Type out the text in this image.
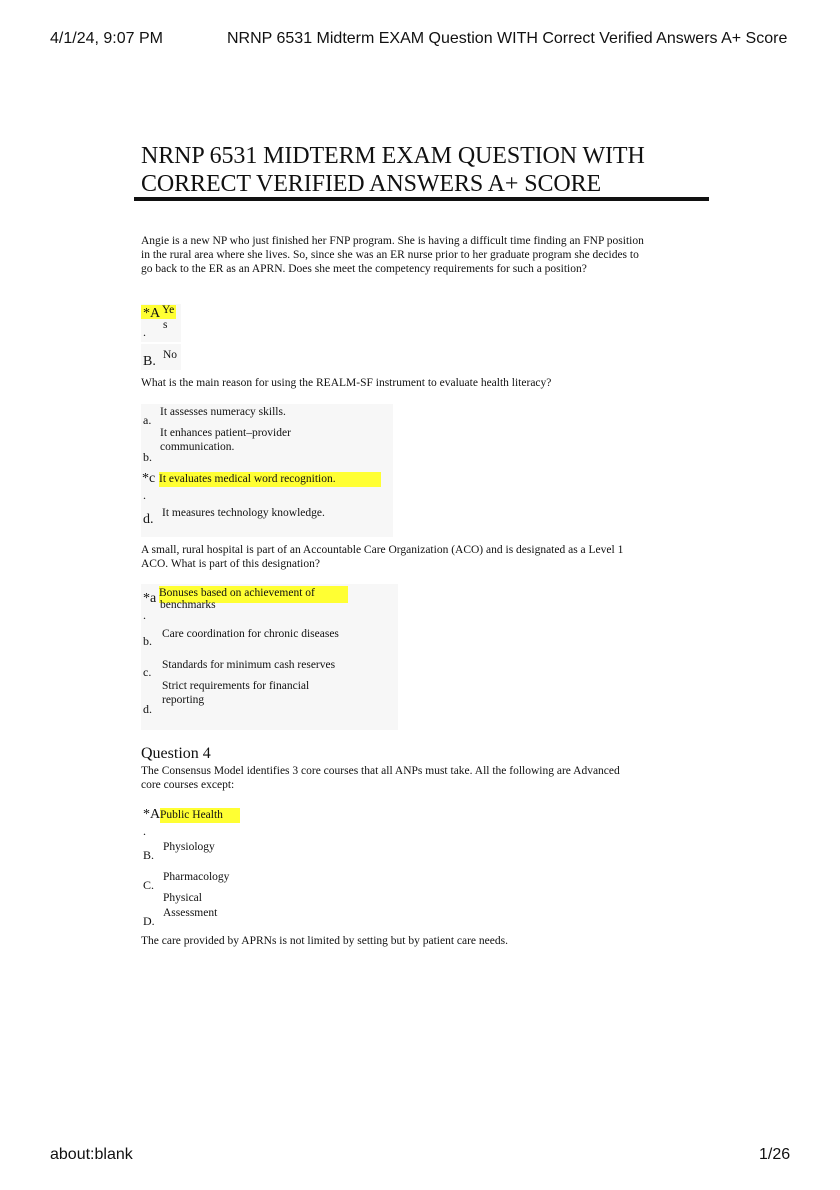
4/1/24, 9:07 PM	NRNP 6531 Midterm EXAM Question WITH Correct Verified Answers A+ Score
NRNP 6531 MIDTERM EXAM QUESTION WITH
CORRECT VERIFIED ANSWERS A+ SCORE

Angie is a new NP who just finished her FNP program. She is having a difficult time finding an FNP position in the rural area where she lives. So, since she was an ER nurse prior to her graduate program she decides to go back to the ER as an APRN. Does she meet the competency requirements for such a position?

*A
.
Ye
s
B. No

What is the main reason for using the REALM-SF instrument to evaluate health literacy?

a.
It assesses numeracy skills.
It enhances patient–provider
communication.
b.
*c
.
It evaluates medical word recognition.
d. It measures technology knowledge.

A small, rural hospital is part of an Accountable Care Organization (ACO) and is designated as a Level 1 ACO. What is part of this designation?

*a
.
Bonuses based on achievement of
benchmarks
b. Care coordination for chronic diseases
c. Standards for minimum cash reserves
Strict requirements for financial
reporting
d.
Question 4

The Consensus Model identifies 3 core courses that all ANPs must take. All the following are Advanced core courses except:

*A
.
Public Health
B.
Physiology
C.
Pharmacology
Physical
Assessment
D.

The care provided by APRNs is not limited by setting but by patient care needs.

about:blank	1/26
